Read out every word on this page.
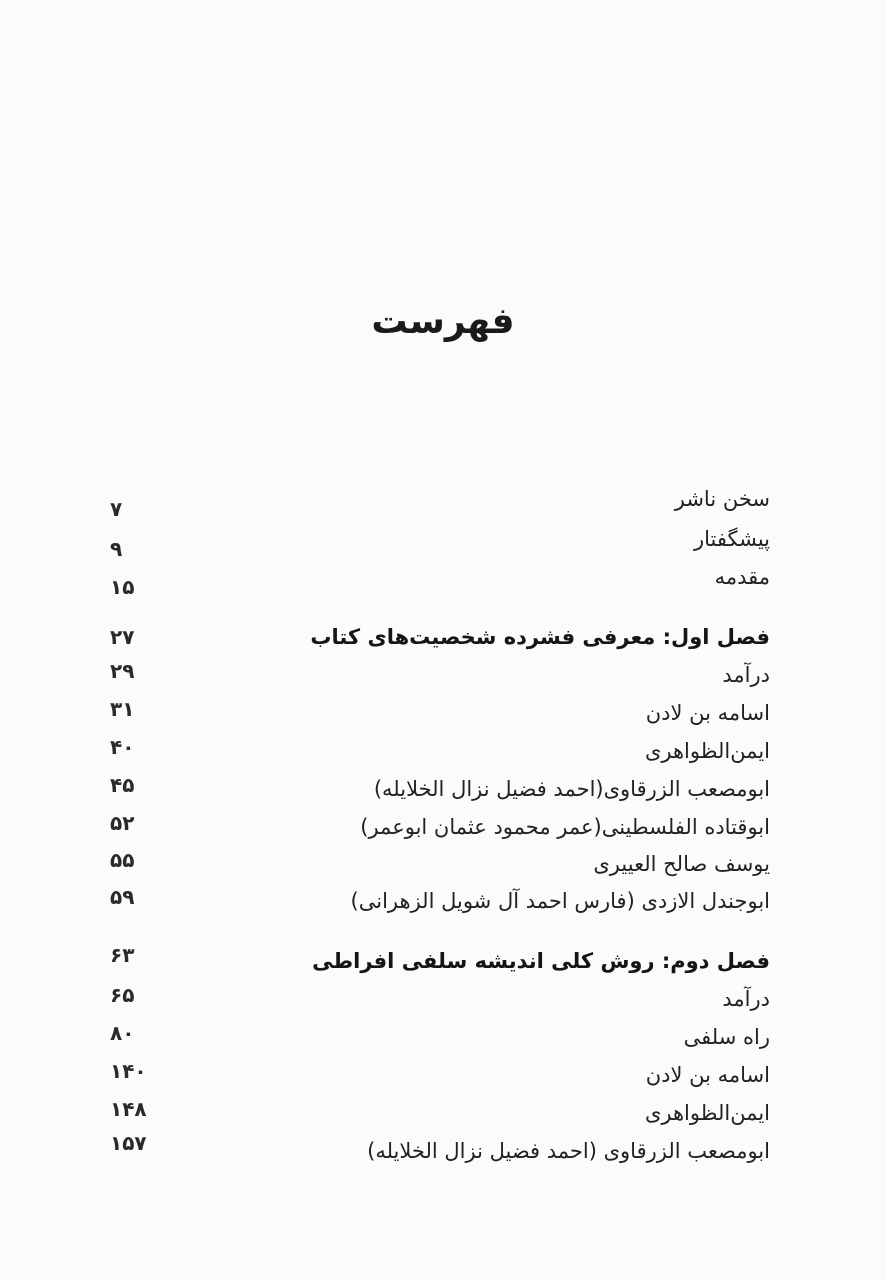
فهرست
سخن ناشر
۷
پیشگفتار
۹
مقدمه
۱۵
فصل اول: معرفی فشرده شخصیت‌های کتاب
۲۷
درآمد
۲۹
اسامه بن لادن
۳۱
ایمن‌الظواهری
۴۰
ابومصعب الزرقاوی(احمد فضیل نزال الخلایله)
۴۵
ابوقتاده الفلسطینی(عمر محمود عثمان ابوعمر)
۵۲
یوسف صالح العییری
۵۵
ابوجندل الازدی (فارس احمد آل شویل الزهرانی)
۵۹
فصل دوم: روش کلی اندیشه سلفی افراطی
۶۳
درآمد
۶۵
راه سلفی
۸۰
اسامه بن لادن
۱۴۰
ایمن‌الظواهری
۱۴۸
ابومصعب الزرقاوی (احمد فضیل نزال الخلایله)
۱۵۷
